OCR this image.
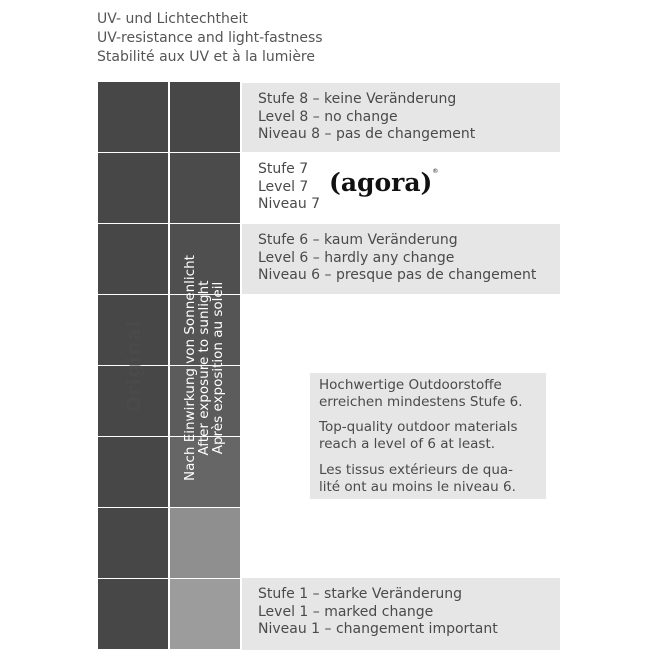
UV- und Lichtechtheit
UV-resistance and light-fastness
Stabilité aux UV et à la lumière
Original	Nach Einwirkung von Sonnenlicht
After exposure to sunlight
Après exposition au soleil
Stufe 8 – keine Veränderung
Level 8 – no change
Niveau 8 – pas de changement
Stufe 7
Level 7
Niveau 7
(agora)®
Stufe 6 – kaum Veränderung
Level 6 – hardly any change
Niveau 6 – presque pas de changement
Hochwertige Outdoorstoffe
erreichen mindestens Stufe 6.
Top-quality outdoor materials
reach a level of 6 at least.
Les tissus extérieurs de qua-
lité ont au moins le niveau 6.
Stufe 1 – starke Veränderung
Level 1 – marked change
Niveau 1 – changement important
